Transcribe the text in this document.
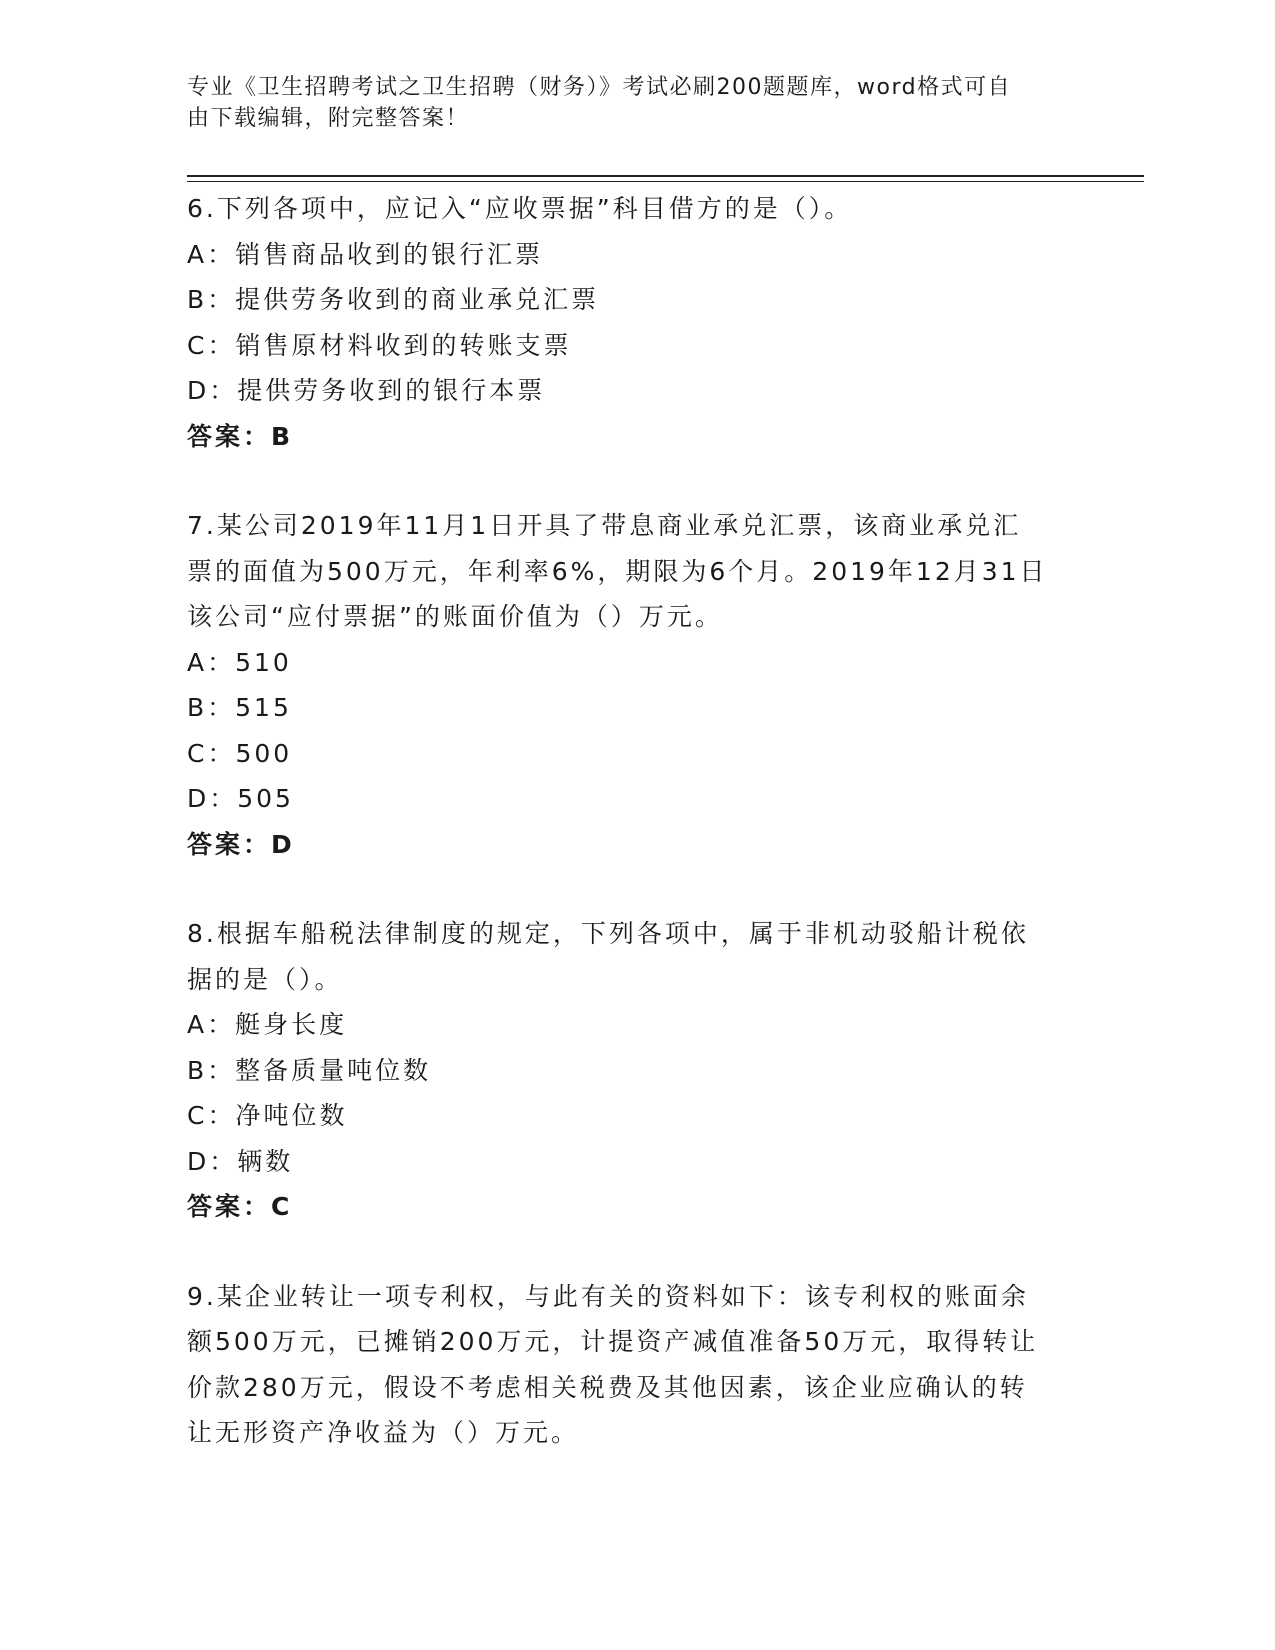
专业《卫生招聘考试之卫生招聘（财务）》考试必刷200题题库，word格式可自
由下载编辑，附完整答案！
6.下列各项中，应记入“应收票据”科目借方的是（）。
A：销售商品收到的银行汇票
B：提供劳务收到的商业承兑汇票
C：销售原材料收到的转账支票
D：提供劳务收到的银行本票
答案：B
7.某公司2019年11月1日开具了带息商业承兑汇票，该商业承兑汇
票的面值为500万元，年利率6%，期限为6个月。2019年12月31日
该公司“应付票据”的账面价值为（）万元。
A：510
B：515
C：500
D：505
答案：D
8.根据车船税法律制度的规定，下列各项中，属于非机动驳船计税依
据的是（）。
A：艇身长度
B：整备质量吨位数
C：净吨位数
D：辆数
答案：C
9.某企业转让一项专利权，与此有关的资料如下：该专利权的账面余
额500万元，已摊销200万元，计提资产减值准备50万元，取得转让
价款280万元，假设不考虑相关税费及其他因素，该企业应确认的转
让无形资产净收益为（）万元。
